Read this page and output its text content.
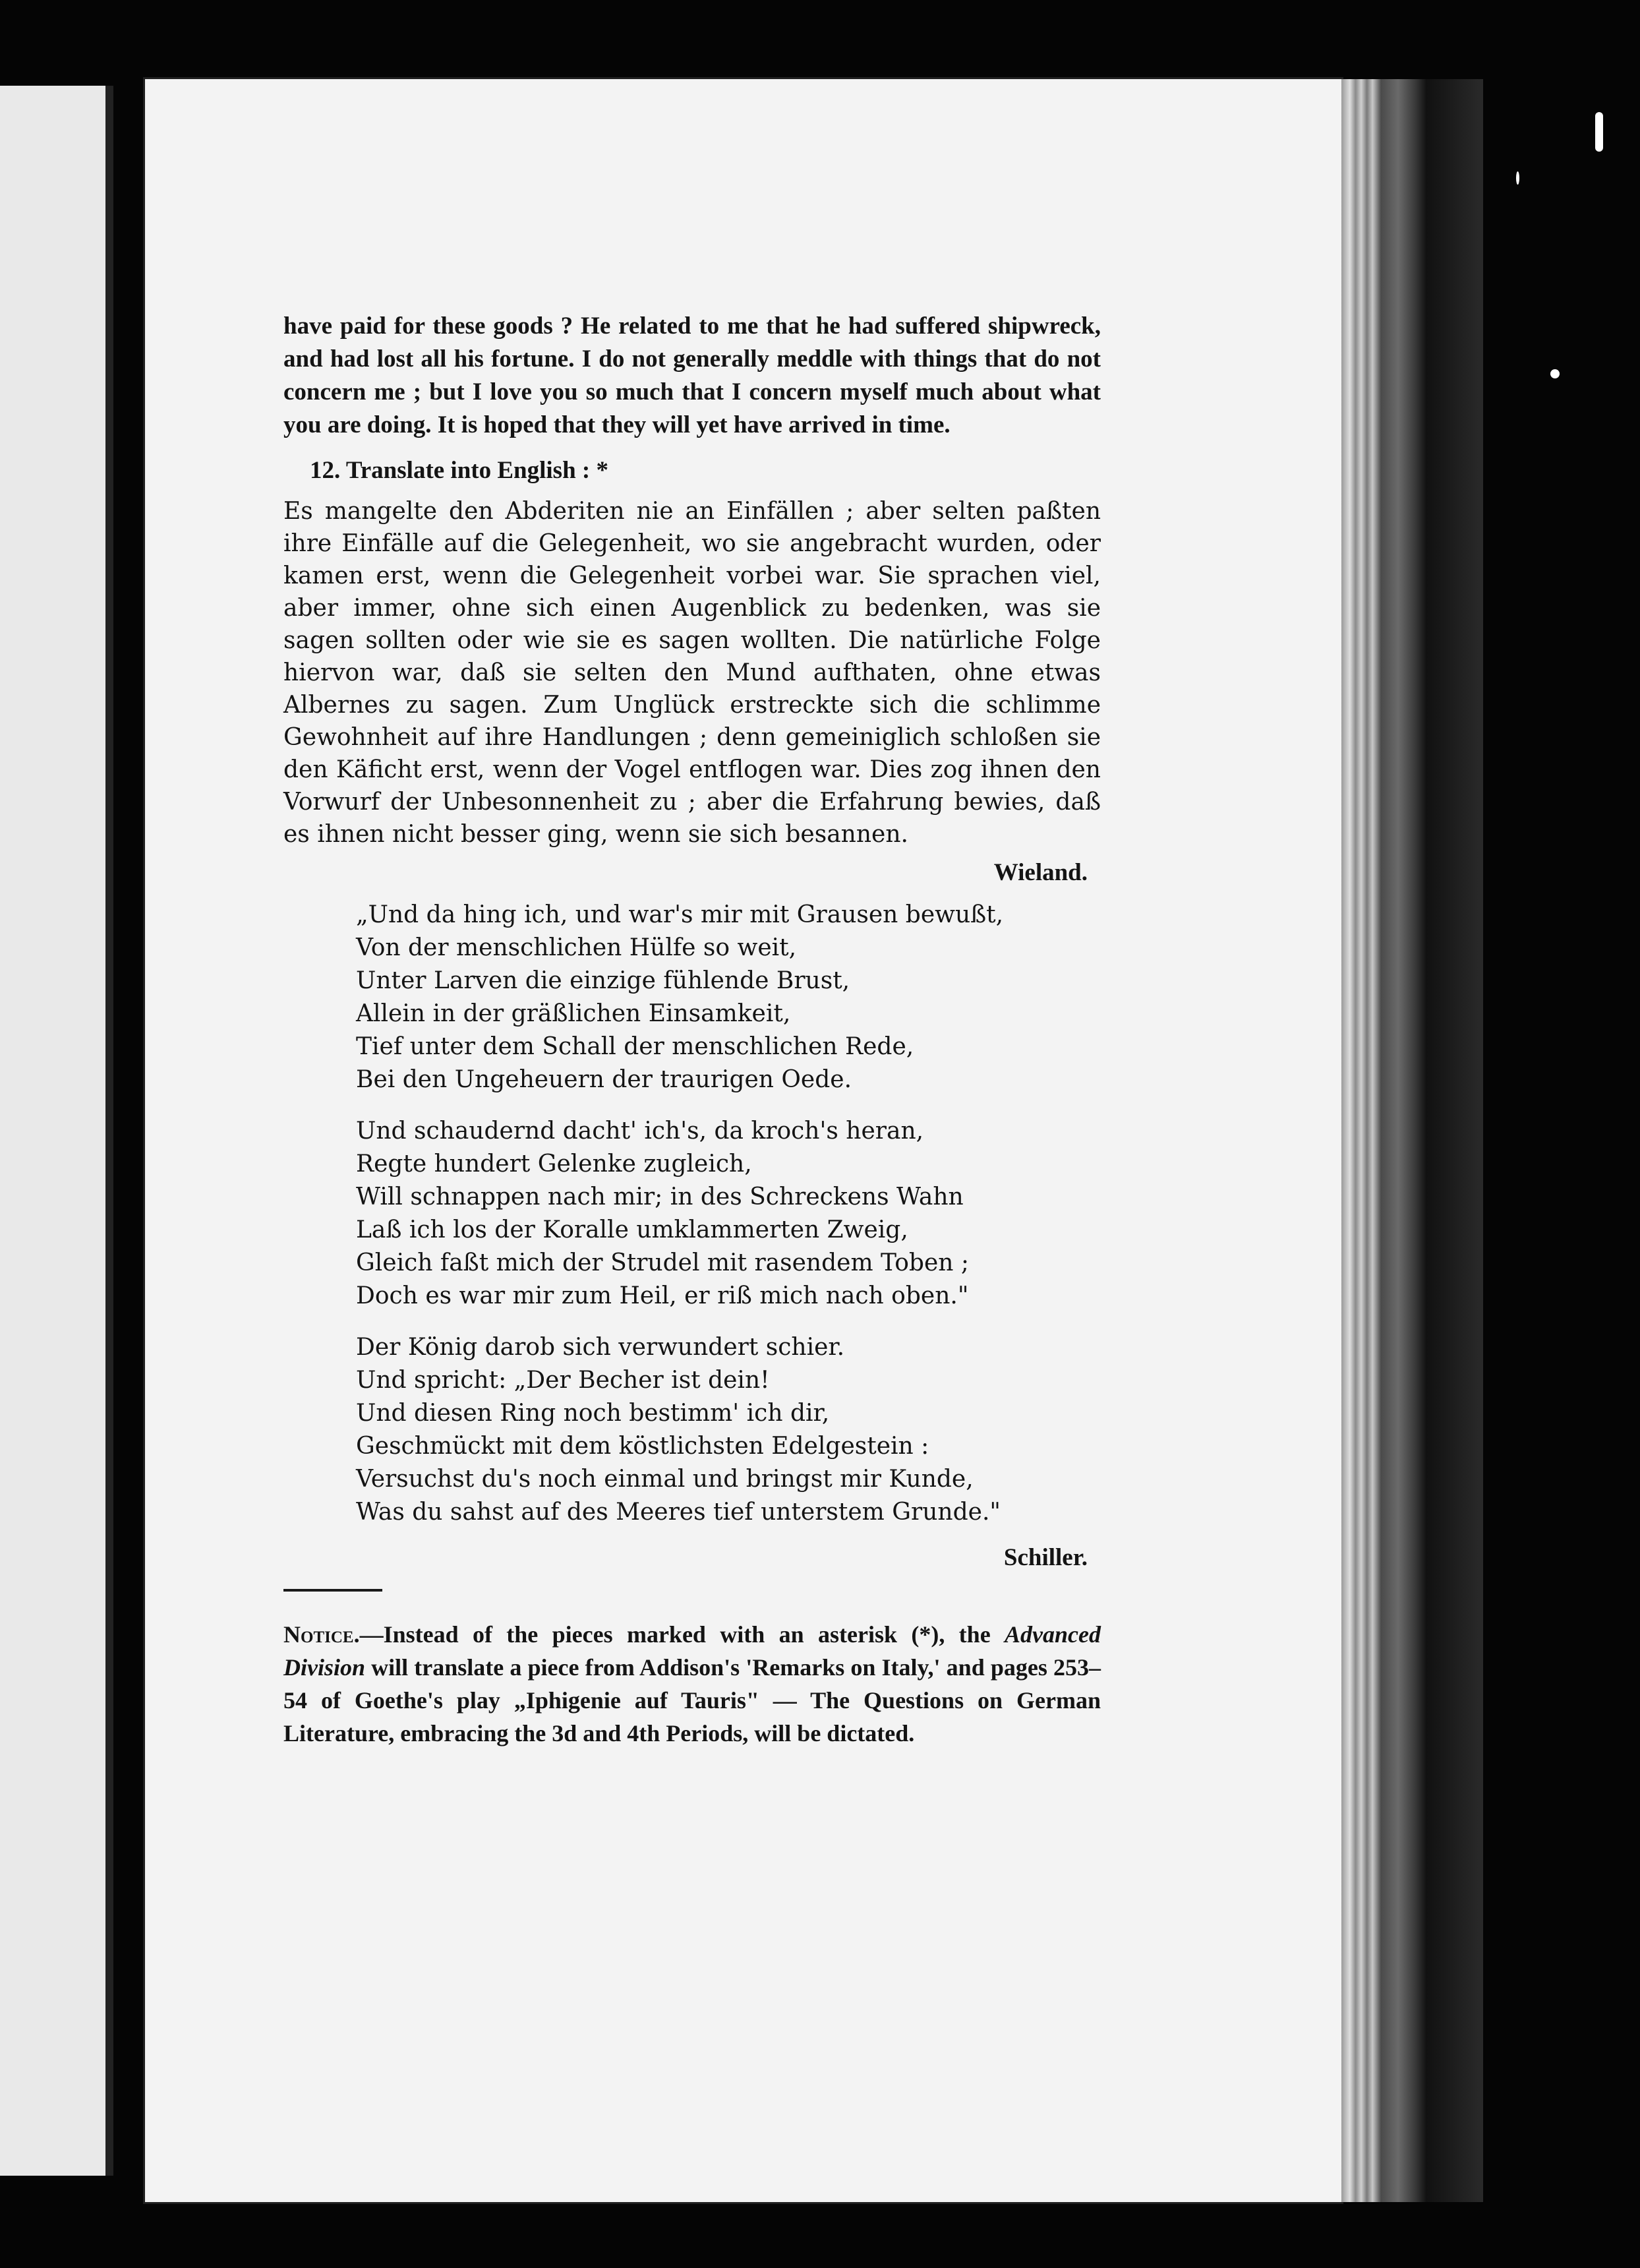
have paid for these goods ? He related to me that he had suffered shipwreck, and had lost all his fortune. I do not generally meddle with things that do not concern me ; but I love you so much that I concern myself much about what you are doing. It is hoped that they will yet have arrived in time.
12. Translate into English : *
Es mangelte den Abderiten nie an Einfällen ; aber selten paßten ihre Einfälle auf die Gelegenheit, wo sie angebracht wurden, oder kamen erst, wenn die Gelegenheit vorbei war. Sie sprachen viel, aber immer, ohne sich einen Augenblick zu bedenken, was sie sagen sollten oder wie sie es sagen wollten. Die natürliche Folge hiervon war, daß sie selten den Mund aufthaten, ohne etwas Albernes zu sagen. Zum Unglück erstreckte sich die schlimme Gewohnheit auf ihre Handlungen ; denn gemeiniglich schloßen sie den Käficht erst, wenn der Vogel entflogen war. Dies zog ihnen den Vorwurf der Unbesonnenheit zu ; aber die Erfahrung bewies, daß es ihnen nicht besser ging, wenn sie sich besannen.
Wieland.
„Und da hing ich, und war's mir mit Grausen bewußt,
Von der menschlichen Hülfe so weit,
Unter Larven die einzige fühlende Brust,
Allein in der gräßlichen Einsamkeit,
Tief unter dem Schall der menschlichen Rede,
Bei den Ungeheuern der traurigen Oede.
Und schaudernd dacht' ich's, da kroch's heran,
Regte hundert Gelenke zugleich,
Will schnappen nach mir; in des Schreckens Wahn
Laß ich los der Koralle umklammerten Zweig,
Gleich faßt mich der Strudel mit rasendem Toben ;
Doch es war mir zum Heil, er riß mich nach oben."
Der König darob sich verwundert schier.
Und spricht: „Der Becher ist dein!
Und diesen Ring noch bestimm' ich dir,
Geschmückt mit dem köstlichsten Edelgestein :
Versuchst du's noch einmal und bringst mir Kunde,
Was du sahst auf des Meeres tief unterstem Grunde."
Schiller.
Notice.—Instead of the pieces marked with an asterisk (*), the Advanced Division will translate a piece from Addison's 'Remarks on Italy,' and pages 253–54 of Goethe's play „Iphigenie auf Tauris" — The Questions on German Literature, embracing the 3d and 4th Periods, will be dictated.
